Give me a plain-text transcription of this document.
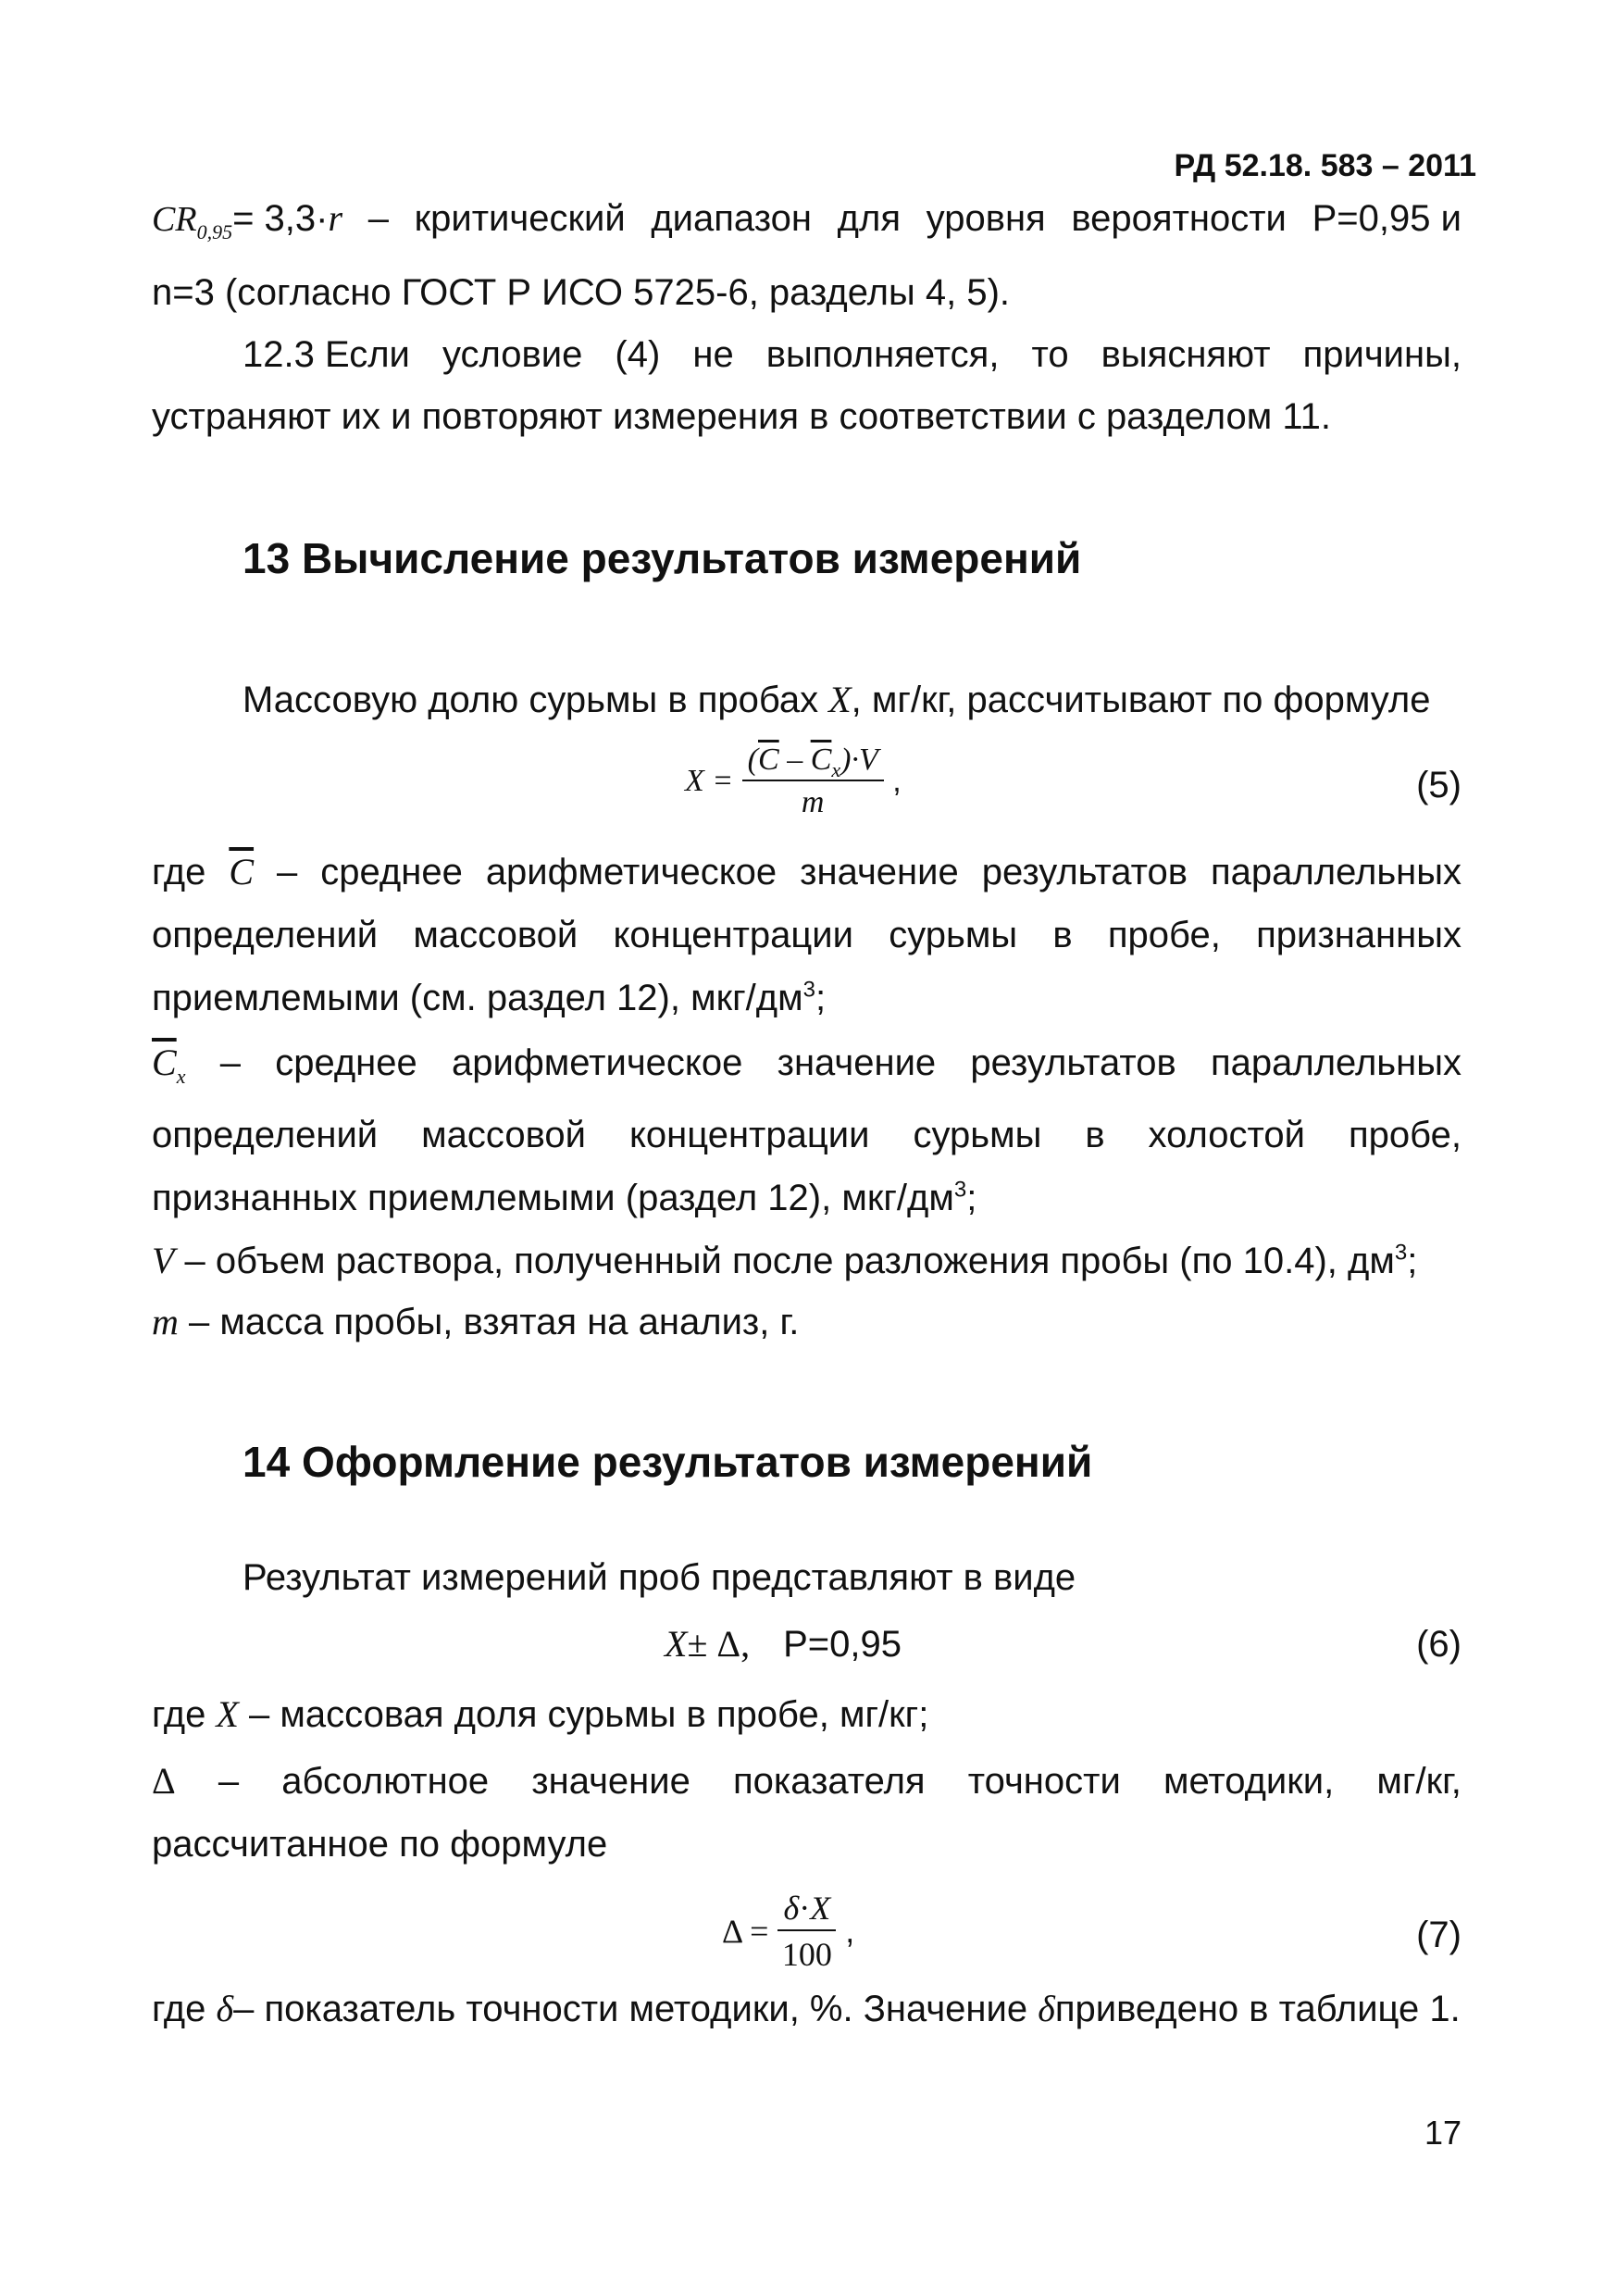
РД 52.18. 583 – 2011
$CR_{0,95}= 3,3\cdot r$ – критический диапазон для уровня вероятности Р=0,95 и
n=3 (согласно ГОСТ Р ИСО 5725-6, разделы 4, 5).
12.3 Если условие (4) не выполняется, то выясняют причины,
устраняют их и повторяют измерения в соответствии с разделом 11.
13 Вычисление результатов измерений
Массовую долю сурьмы в пробах X, мг/кг, рассчитывают по формуле
$X = \frac{(\overline{C} - \overline{C}_x)\cdot V}{m}$ ,	(5)
где $\overline{C}$ – среднее арифметическое значение результатов параллельных
определений массовой концентрации сурьмы в пробе, признанных
приемлемыми (см. раздел 12), мкг/$дм^3$;
$\overline{C}_x$ – среднее арифметическое значение результатов параллельных
определений массовой концентрации сурьмы в холостой пробе,
признанных приемлемыми (раздел 12), мкг/$дм^3$;
V – объем раствора, полученный после разложения пробы (по 10.4), $дм^3$;
m – масса пробы, взятая на анализ, г.
14 Оформление результатов измерений
Результат измерений проб представляют в виде
X± Δ, Р=0,95	(6)
где X – массовая доля сурьмы в пробе, мг/кг;
Δ – абсолютное значение показателя точности методики, мг/кг,
рассчитанное по формуле
$\Delta = \frac{\delta\cdot X}{100}$ ,	(7)
где δ– показатель точности методики, %. Значение δприведено в таблице 1.
17
